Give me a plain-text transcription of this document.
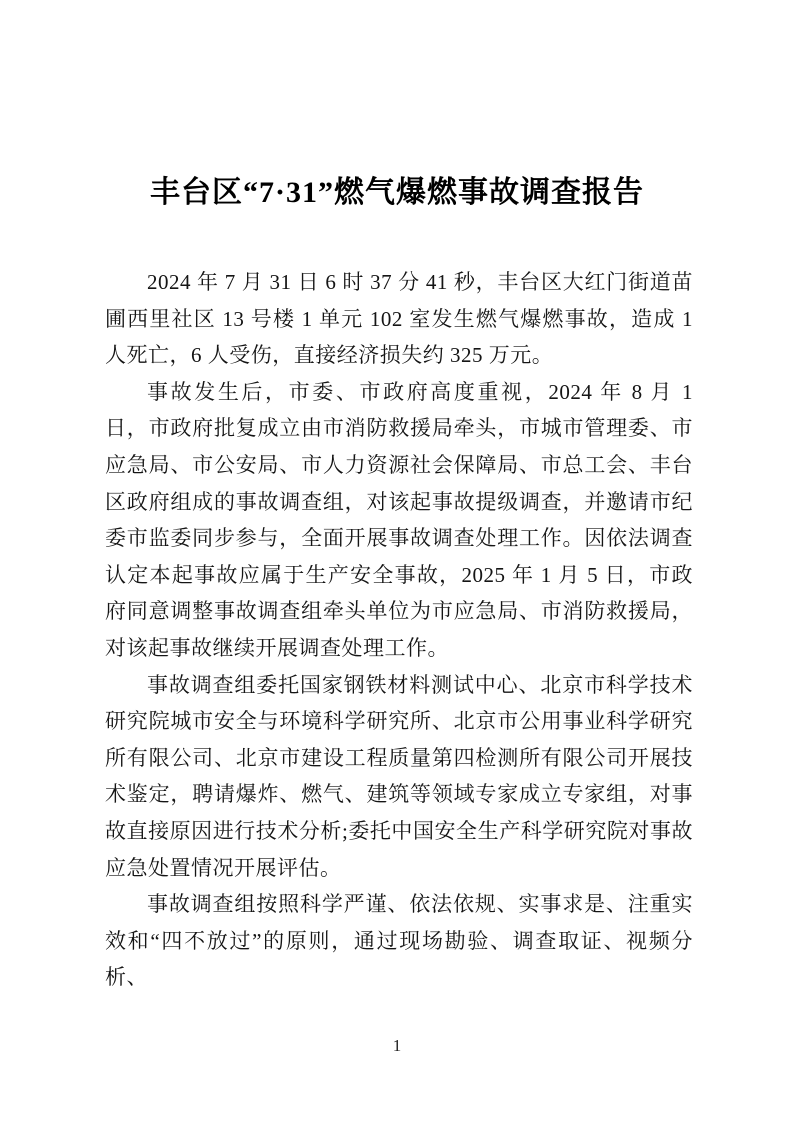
丰台区“7·31”燃气爆燃事故调查报告

2024 年 7 月 31 日 6 时 37 分 41 秒，丰台区大红门街道苗圃西里社区 13 号楼 1 单元 102 室发生燃气爆燃事故，造成 1 人死亡，6 人受伤，直接经济损失约 325 万元。

事故发生后，市委、市政府高度重视，2024 年 8 月 1 日，市政府批复成立由市消防救援局牵头，市城市管理委、市应急局、市公安局、市人力资源社会保障局、市总工会、丰台区政府组成的事故调查组，对该起事故提级调查，并邀请市纪委市监委同步参与，全面开展事故调查处理工作。因依法调查认定本起事故应属于生产安全事故，2025 年 1 月 5 日，市政府同意调整事故调查组牵头单位为市应急局、市消防救援局，对该起事故继续开展调查处理工作。

事故调查组委托国家钢铁材料测试中心、北京市科学技术研究院城市安全与环境科学研究所、北京市公用事业科学研究所有限公司、北京市建设工程质量第四检测所有限公司开展技术鉴定，聘请爆炸、燃气、建筑等领域专家成立专家组，对事故直接原因进行技术分析;委托中国安全生产科学研究院对事故应急处置情况开展评估。

事故调查组按照科学严谨、依法依规、实事求是、注重实效和“四不放过”的原则，通过现场勘验、调查取证、视频分析、

1
